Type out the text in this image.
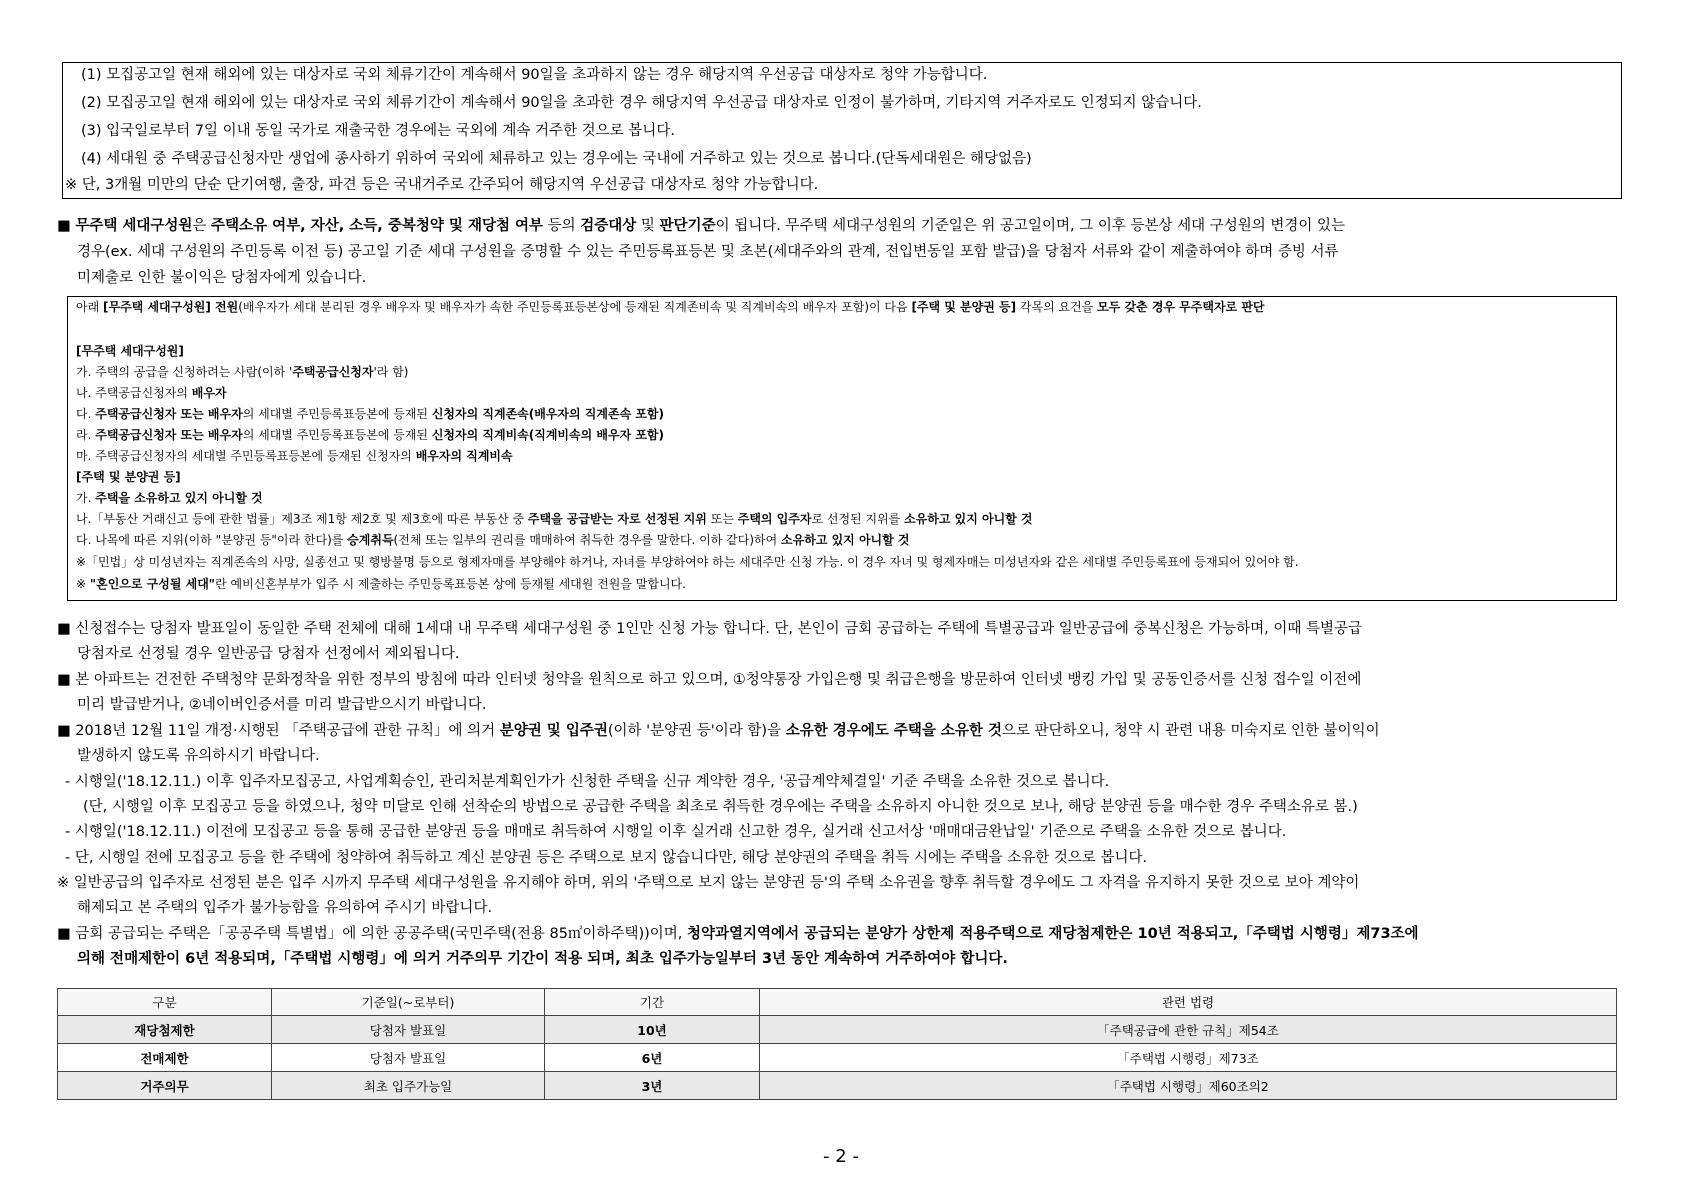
(1) 모집공고일 현재 해외에 있는 대상자로 국외 체류기간이 계속해서 90일을 초과하지 않는 경우 해당지역 우선공급 대상자로 청약 가능합니다.
(2) 모집공고일 현재 해외에 있는 대상자로 국외 체류기간이 계속해서 90일을 초과한 경우 해당지역 우선공급 대상자로 인정이 불가하며, 기타지역 거주자로도 인정되지 않습니다.
(3) 입국일로부터 7일 이내 동일 국가로 재출국한 경우에는 국외에 계속 거주한 것으로 봅니다.
(4) 세대원 중 주택공급신청자만 생업에 종사하기 위하여 국외에 체류하고 있는 경우에는 국내에 거주하고 있는 것으로 봅니다.(단독세대원은 해당없음)
※ 단, 3개월 미만의 단순 단기여행, 출장, 파견 등은 국내거주로 간주되어 해당지역 우선공급 대상자로 청약 가능합니다.
■ 무주택 세대구성원은 주택소유 여부, 자산, 소득, 중복청약 및 재당첨 여부 등의 검증대상 및 판단기준이 됩니다. 무주택 세대구성원의 기준일은 위 공고일이며, 그 이후 등본상 세대 구성원의 변경이 있는
경우(ex. 세대 구성원의 주민등록 이전 등) 공고일 기준 세대 구성원을 증명할 수 있는 주민등록표등본 및 초본(세대주와의 관계, 전입변동일 포함 발급)을 당첨자 서류와 같이 제출하여야 하며 증빙 서류
미제출로 인한 불이익은 당첨자에게 있습니다.
아래 [무주택 세대구성원] 전원(배우자가 세대 분리된 경우 배우자 및 배우자가 속한 주민등록표등본상에 등재된 직계존비속 및 직계비속의 배우자 포함)이 다음 [주택 및 분양권 등] 각목의 요건을 모두 갖춘 경우 무주택자로 판단
[무주택 세대구성원]
가. 주택의 공급을 신청하려는 사람(이하 '주택공급신청자'라 함)
나. 주택공급신청자의 배우자
다. 주택공급신청자 또는 배우자의 세대별 주민등록표등본에 등재된 신청자의 직계존속(배우자의 직계존속 포함)
라. 주택공급신청자 또는 배우자의 세대별 주민등록표등본에 등재된 신청자의 직계비속(직계비속의 배우자 포함)
마. 주택공급신청자의 세대별 주민등록표등본에 등재된 신청자의 배우자의 직계비속
[주택 및 분양권 등]
가. 주택을 소유하고 있지 아니할 것
나.「부동산 거래신고 등에 관한 법률」제3조 제1항 제2호 및 제3호에 따른 부동산 중 주택을 공급받는 자로 선정된 지위 또는 주택의 입주자로 선정된 지위를 소유하고 있지 아니할 것
다. 나목에 따른 지위(이하 "분양권 등"이라 한다)를 승계취득(전체 또는 일부의 권리를 매매하여 취득한 경우를 말한다. 이하 같다)하여 소유하고 있지 아니할 것
※「민법」상 미성년자는 직계존속의 사망, 실종선고 및 행방불명 등으로 형제자매를 부양해야 하거나, 자녀를 부양하여야 하는 세대주만 신청 가능. 이 경우 자녀 및 형제자매는 미성년자와 같은 세대별 주민등록표에 등재되어 있어야 함.
※ "혼인으로 구성될 세대"란 예비신혼부부가 입주 시 제출하는 주민등록표등본 상에 등재될 세대원 전원을 말합니다.
■ 신청접수는 당첨자 발표일이 동일한 주택 전체에 대해 1세대 내 무주택 세대구성원 중 1인만 신청 가능 합니다. 단, 본인이 금회 공급하는 주택에 특별공급과 일반공급에 중복신청은 가능하며, 이때 특별공급
당첨자로 선정될 경우 일반공급 당첨자 선정에서 제외됩니다.
■ 본 아파트는 건전한 주택청약 문화정착을 위한 정부의 방침에 따라 인터넷 청약을 원칙으로 하고 있으며, ①청약통장 가입은행 및 취급은행을 방문하여 인터넷 뱅킹 가입 및 공동인증서를 신청 접수일 이전에
미리 발급받거나, ②네이버인증서를 미리 발급받으시기 바랍니다.
■ 2018년 12월 11일 개정·시행된 「주택공급에 관한 규칙」에 의거 분양권 및 입주권(이하 '분양권 등'이라 함)을 소유한 경우에도 주택을 소유한 것으로 판단하오니, 청약 시 관련 내용 미숙지로 인한 불이익이
발생하지 않도록 유의하시기 바랍니다.
- 시행일('18.12.11.) 이후 입주자모집공고, 사업계획승인, 관리처분계획인가가 신청한 주택을 신규 계약한 경우, '공급계약체결일' 기준 주택을 소유한 것으로 봅니다.
(단, 시행일 이후 모집공고 등을 하였으나, 청약 미달로 인해 선착순의 방법으로 공급한 주택을 최초로 취득한 경우에는 주택을 소유하지 아니한 것으로 보나, 해당 분양권 등을 매수한 경우 주택소유로 봄.)
- 시행일('18.12.11.) 이전에 모집공고 등을 통해 공급한 분양권 등을 매매로 취득하여 시행일 이후 실거래 신고한 경우, 실거래 신고서상 '매매대금완납일' 기준으로 주택을 소유한 것으로 봅니다.
- 단, 시행일 전에 모집공고 등을 한 주택에 청약하여 취득하고 계신 분양권 등은 주택으로 보지 않습니다만, 해당 분양권의 주택을 취득 시에는 주택을 소유한 것으로 봅니다.
※ 일반공급의 입주자로 선정된 분은 입주 시까지 무주택 세대구성원을 유지해야 하며, 위의 '주택으로 보지 않는 분양권 등'의 주택 소유권을 향후 취득할 경우에도 그 자격을 유지하지 못한 것으로 보아 계약이
해제되고 본 주택의 입주가 불가능함을 유의하여 주시기 바랍니다.
■ 금회 공급되는 주택은「공공주택 특별법」에 의한 공공주택(국민주택(전용 85㎡이하주택))이며, 청약과열지역에서 공급되는 분양가 상한제 적용주택으로 재당첨제한은 10년 적용되고,「주택법 시행령」제73조에
의해 전매제한이 6년 적용되며,「주택법 시행령」에 의거 거주의무 기간이 적용 되며, 최초 입주가능일부터 3년 동안 계속하여 거주하여야 합니다.
구분	기준일(~로부터)	기간	관련 법령
재당첨제한	당첨자 발표일	10년	「주택공급에 관한 규칙」제54조
전매제한	당첨자 발표일	6년	「주택법 시행령」제73조
거주의무	최초 입주가능일	3년	「주택법 시행령」제60조의2
- 2 -
